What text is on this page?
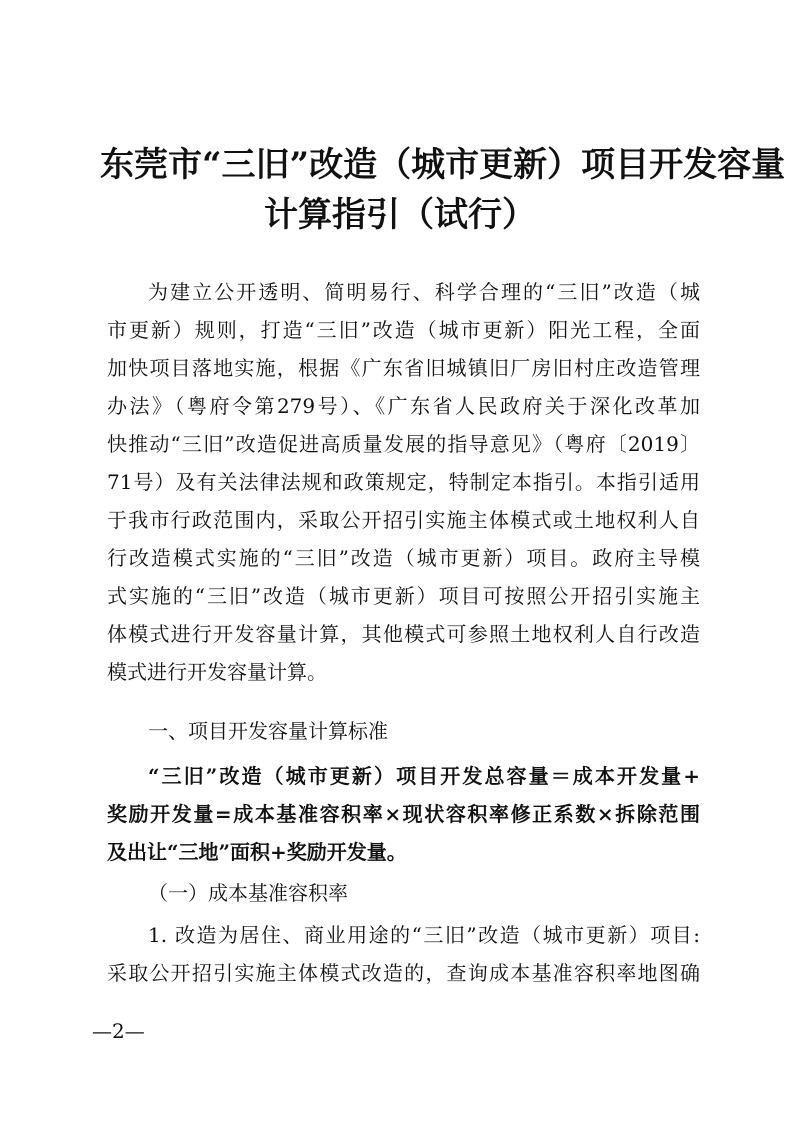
东莞市“三旧”改造（城市更新）项目开发容量
计算指引（试行）
为建立公开透明、简明易行、科学合理的“三旧”改造（城
市更新）规则，打造“三旧”改造（城市更新）阳光工程，全面
加快项目落地实施，根据《广东省旧城镇旧厂房旧村庄改造管理
办法》（粤府令第279号）、《广东省人民政府关于深化改革加
快推动“三旧”改造促进高质量发展的指导意见》（粤府〔2019〕
71号）及有关法律法规和政策规定，特制定本指引。本指引适用
于我市行政范围内，采取公开招引实施主体模式或土地权利人自
行改造模式实施的“三旧”改造（城市更新）项目。政府主导模
式实施的“三旧”改造（城市更新）项目可按照公开招引实施主
体模式进行开发容量计算，其他模式可参照土地权利人自行改造
模式进行开发容量计算。
一、项目开发容量计算标准
“三旧”改造（城市更新）项目开发总容量＝成本开发量+
奖励开发量=成本基准容积率×现状容积率修正系数×拆除范围
及出让“三地”面积+奖励开发量。
（一）成本基准容积率
1. 改造为居住、商业用途的“三旧”改造（城市更新）项目:
采取公开招引实施主体模式改造的，查询成本基准容积率地图确
—2—
